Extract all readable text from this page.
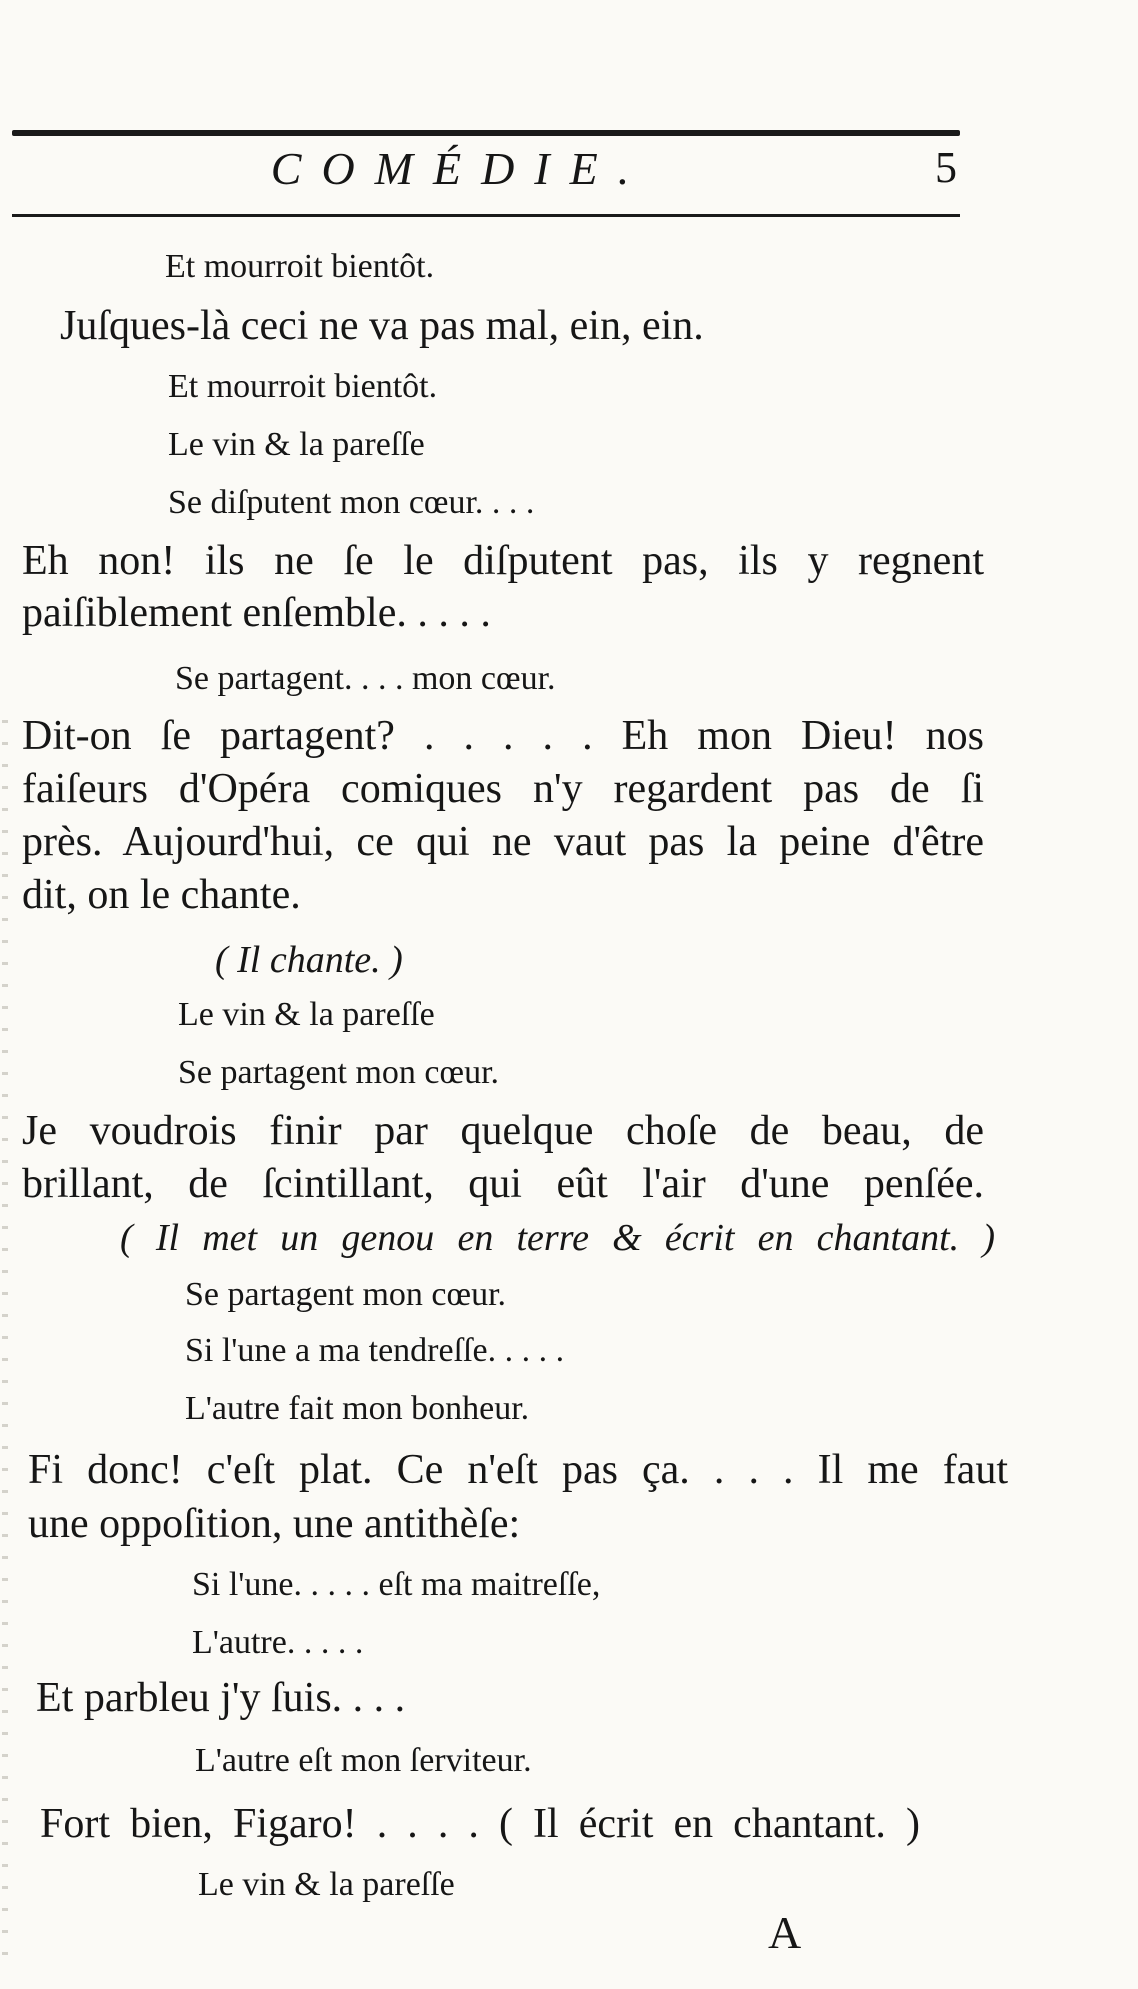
COMÉDIE.	5
Et mourroit bientôt.
Juſques-là ceci ne va pas mal, ein, ein.
Et mourroit bientôt.
Le vin & la pareſſe
Se diſputent mon cœur. . . .
Eh non! ils ne ſe le diſputent pas, ils y regnent
paiſiblement enſemble. . . . .
Se partagent. . . . mon cœur.
Dit-on ſe partagent? . . . . . Eh mon Dieu! nos
faiſeurs d'Opéra comiques n'y regardent pas de ſi
près. Aujourd'hui, ce qui ne vaut pas la peine d'être
dit, on le chante.
( Il chante. )
Le vin & la pareſſe
Se partagent mon cœur.
Je voudrois finir par quelque choſe de beau, de
brillant, de ſcintillant, qui eût l'air d'une penſée.
( Il met un genou en terre & écrit en chantant. )
Se partagent mon cœur.
Si l'une a ma tendreſſe. . . . .
L'autre fait mon bonheur.
Fi donc! c'eſt plat. Ce n'eſt pas ça. . . . Il me faut
une oppoſition, une antithèſe:
Si l'une. . . . . eſt ma maitreſſe,
L'autre. . . . .
Et parbleu j'y ſuis. . . .
L'autre eſt mon ſerviteur.
Fort bien, Figaro! . . . . ( Il écrit en chantant. )
Le vin & la pareſſe
A
